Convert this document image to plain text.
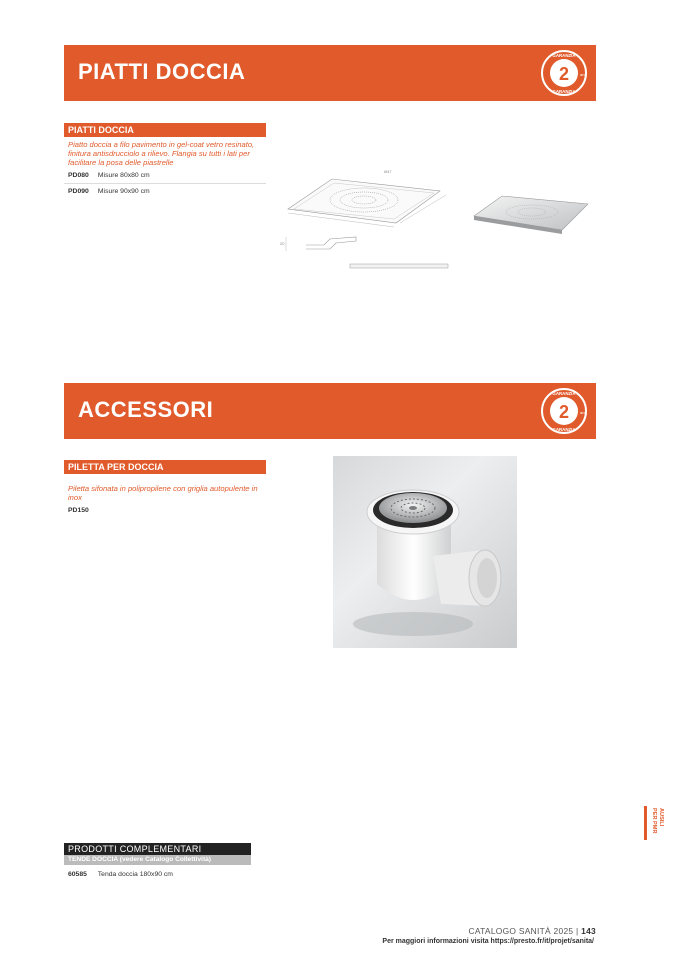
PIATTI DOCCIA	2	ans
GARANZIA
GARANZIA
PIATTI DOCCIA
Piatto doccia a filo pavimento in gel-coat vetro resinato, finitura antisdrucciolo a rilievo. Flangia su tutti i lati per facilitare la posa delle piastrelle
PD080 Misure 80x80 cm
PD090 Misure 90x90 cm
Ø47
20
ACCESSORI	2	ans
GARANZIA
GARANZIA
PILETTA PER DOCCIA
Piletta sifonata in polipropilene con griglia autopulente in inox
PD150
AUSILI
PER PMR
PRODOTTI COMPLEMENTARI
TENDE DOCCIA (vedere Catalogo Collettività)
60585 Tenda doccia 180x90 cm
CATALOGO SANITÀ 2025 | 143
Per maggiori informazioni visita https://presto.fr/it/projet/sanita/
